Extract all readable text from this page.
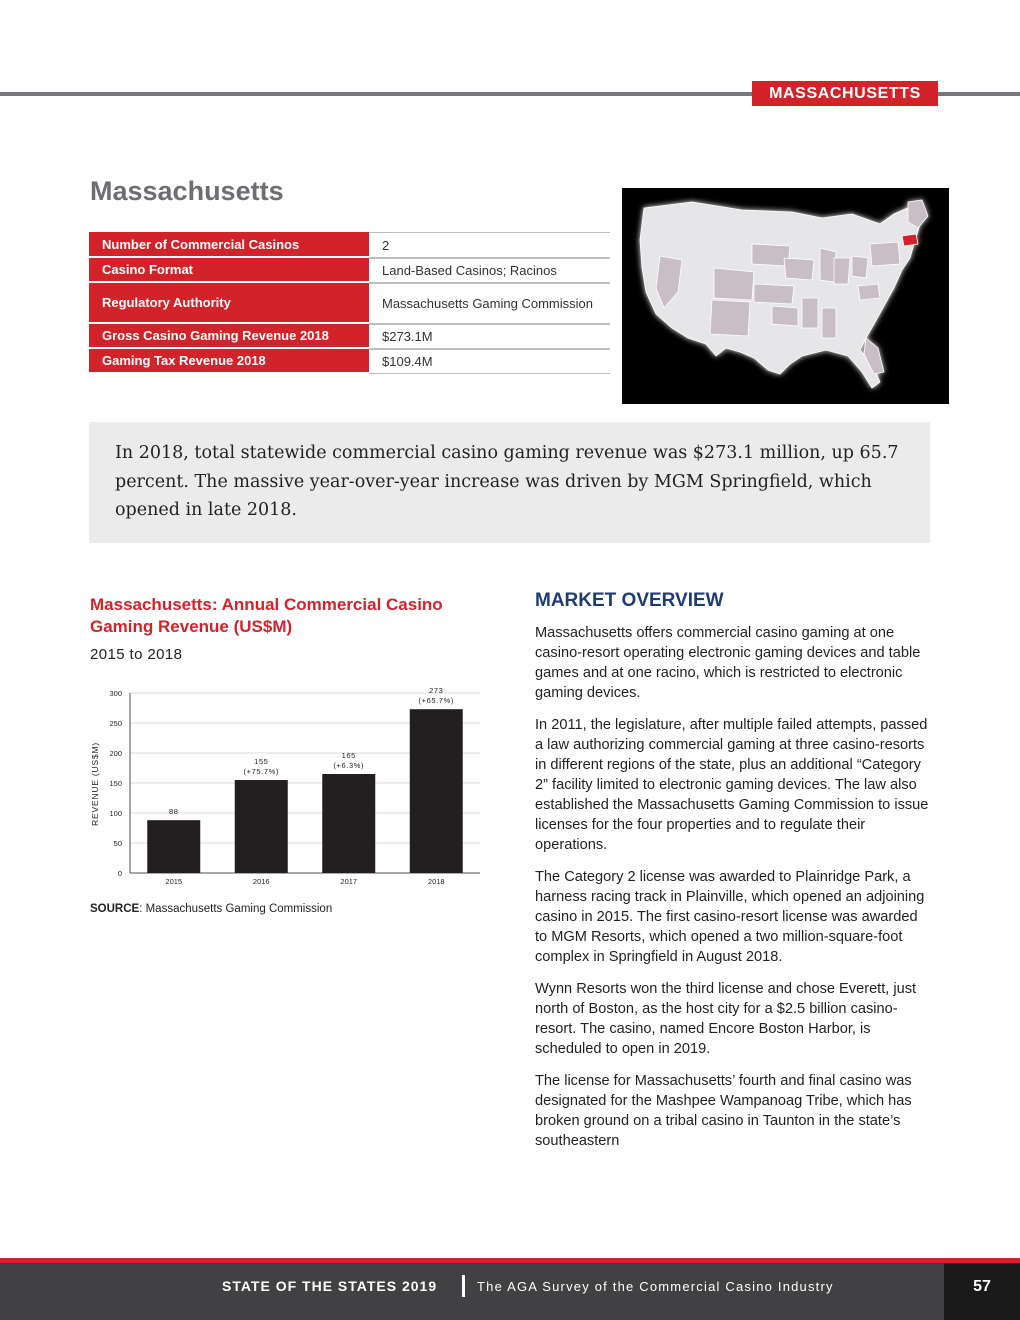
MASSACHUSETTS
Massachusetts
Number of Commercial Casinos	2
Casino Format	Land-Based Casinos; Racinos
Regulatory Authority	Massachusetts Gaming Commission
Gross Casino Gaming Revenue 2018	$273.1M
Gaming Tax Revenue 2018	$109.4M
In 2018, total statewide commercial casino gaming revenue was $273.1 million, up 65.7 percent. The massive year-over-year increase was driven by MGM Springfield, which opened in late 2018.
Massachusetts: Annual Commercial Casino Gaming Revenue (US$M)
2015 to 2018
0
50
100
150
200
250
300
2015
88
2016
155
(+75.7%)
2017
165
(+6.3%)
2018
273
(+65.7%)
REVENUE (US$M)
SOURCE: Massachusetts Gaming Commission
MARKET OVERVIEW

Massachusetts offers commercial casino gaming at one casino-resort operating electronic gaming devices and table games and at one racino, which is restricted to electronic gaming devices.

In 2011, the legislature, after multiple failed attempts, passed a law authorizing commercial gaming at three casino-resorts in different regions of the state, plus an additional “Category 2” facility limited to electronic gaming devices. The law also established the Massachusetts Gaming Commission to issue licenses for the four properties and to regulate their operations.

The Category 2 license was awarded to Plainridge Park, a harness racing track in Plainville, which opened an adjoining casino in 2015. The first casino-resort license was awarded to MGM Resorts, which opened a two million-square-foot complex in Springfield in August 2018.

Wynn Resorts won the third license and chose Everett, just north of Boston, as the host city for a $2.5 billion casino-resort. The casino, named Encore Boston Harbor, is scheduled to open in 2019.

The license for Massachusetts’ fourth and final casino was designated for the Mashpee Wampanoag Tribe, which has broken ground on a tribal casino in Taunton in the state’s southeastern

STATE OF THE STATES 2019	The AGA Survey of the Commercial Casino Industry	57
